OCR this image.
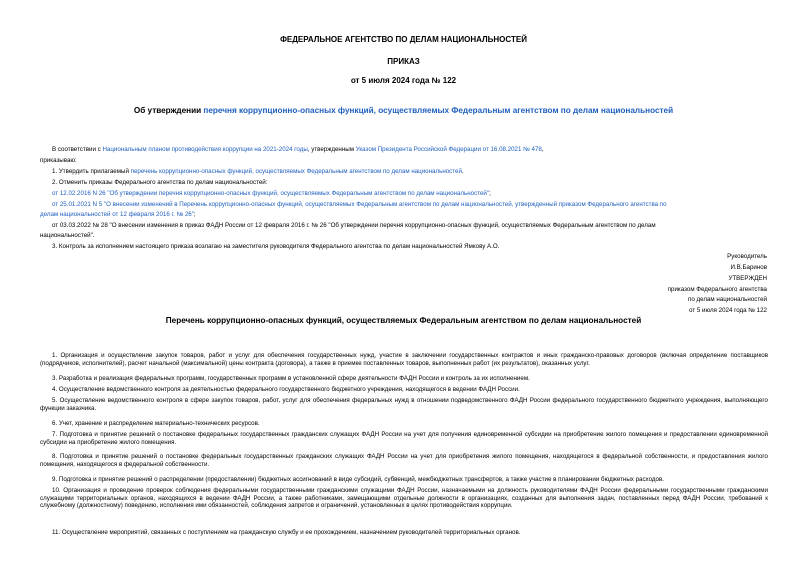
ФЕДЕРАЛЬНОЕ АГЕНТСТВО ПО ДЕЛАМ НАЦИОНАЛЬНОСТЕЙ
ПРИКАЗ
от 5 июля 2024 года № 122
Об утверждении перечня коррупционно-опасных функций, осуществляемых Федеральным агентством по делам национальностей
В соответствии с Национальным планом противодействия коррупции на 2021-2024 годы, утвержденным Указом Президента Российской Федерации от 16.08.2021 № 478,
приказываю:
1. Утвердить прилагаемый перечень коррупционно-опасных функций, осуществляемых Федеральным агентством по делам национальностей.
2. Отменить приказы Федерального агентства по делам национальностей:
от 12.02.2016 N 26 "Об утверждении перечня коррупционно-опасных функций, осуществляемых Федеральным агентством по делам национальностей";
от 25.01.2021 N 5 "О внесении изменений в Перечень коррупционно-опасных функций, осуществляемых Федеральным агентством по делам национальностей, утвержденный приказом Федерального агентства по
делам национальностей от 12 февраля 2016 г. № 26";
от 03.03.2022 № 28 "О внесении изменения в приказ ФАДН России от 12 февраля 2016 г. № 26 "Об утверждении перечня коррупционно-опасных функций, осуществляемых Федеральным агентством по делам
национальностей".
3. Контроль за исполнением настоящего приказа возлагаю на заместителя руководителя Федерального агентства по делам национальностей Ямкову А.О.
Руководитель
И.В.Баринов
УТВЕРЖДЕН
приказом Федерального агентства
по делам национальностей
от 5 июля 2024 года № 122
Перечень коррупционно-опасных функций, осуществляемых Федеральным агентством по делам национальностей
1. Организация и осуществление закупок товаров, работ и услуг для обеспечения государственных нужд, участие в заключении государственных контрактов и иных гражданско-правовых договоров (включая определение поставщиков (подрядчиков, исполнителей), расчет начальной (максимальной) цены контракта (договора), а также в приемке поставленных товаров, выполненных работ (их результатов), оказанных услуг.
3. Разработка и реализация федеральных программ, государственных программ в установленной сфере деятельности ФАДН России и контроль за их исполнением.
4. Осуществление ведомственного контроля за деятельностью федерального государственного бюджетного учреждения, находящегося в ведении ФАДН России.
5. Осуществление ведомственного контроля в сфере закупок товаров, работ, услуг для обеспечения федеральных нужд в отношении подведомственного ФАДН России федерального государственного бюджетного учреждения, выполняющего функции заказчика.
6. Учет, хранение и распределение материально-технических ресурсов.
7. Подготовка и принятие решений о постановке федеральных государственных гражданских служащих ФАДН России на учет для получения единовременной субсидии на приобретение жилого помещения и предоставлении единовременной субсидии на приобретение жилого помещения.
8. Подготовка и принятие решений о постановке федеральных государственных гражданских служащих ФАДН России на учет для приобретения жилого помещения, находящегося в федеральной собственности, и предоставления жилого помещения, находящегося в федеральной собственности.
9. Подготовка и принятие решений о распределении (предоставлении) бюджетных ассигнований в виде субсидий, субвенций, межбюджетных трансфертов, а также участие в планировании бюджетных расходов.
10. Организация и проведение проверок соблюдения федеральными государственными гражданскими служащими ФАДН России, назначаемыми на должность руководителями ФАДН России федеральными государственными гражданскими служащими территориальных органов, находящихся в ведении ФАДН России, а также работниками, замещающими отдельные должности в организациях, созданных для выполнения задач, поставленных перед ФАДН России, требований к служебному (должностному) поведению, исполнения ими обязанностей, соблюдения запретов и ограничений, установленных в целях противодействия коррупции.
11. Осуществление мероприятий, связанных с поступлением на гражданскую службу и ее прохождением, назначением руководителей территориальных органов.
